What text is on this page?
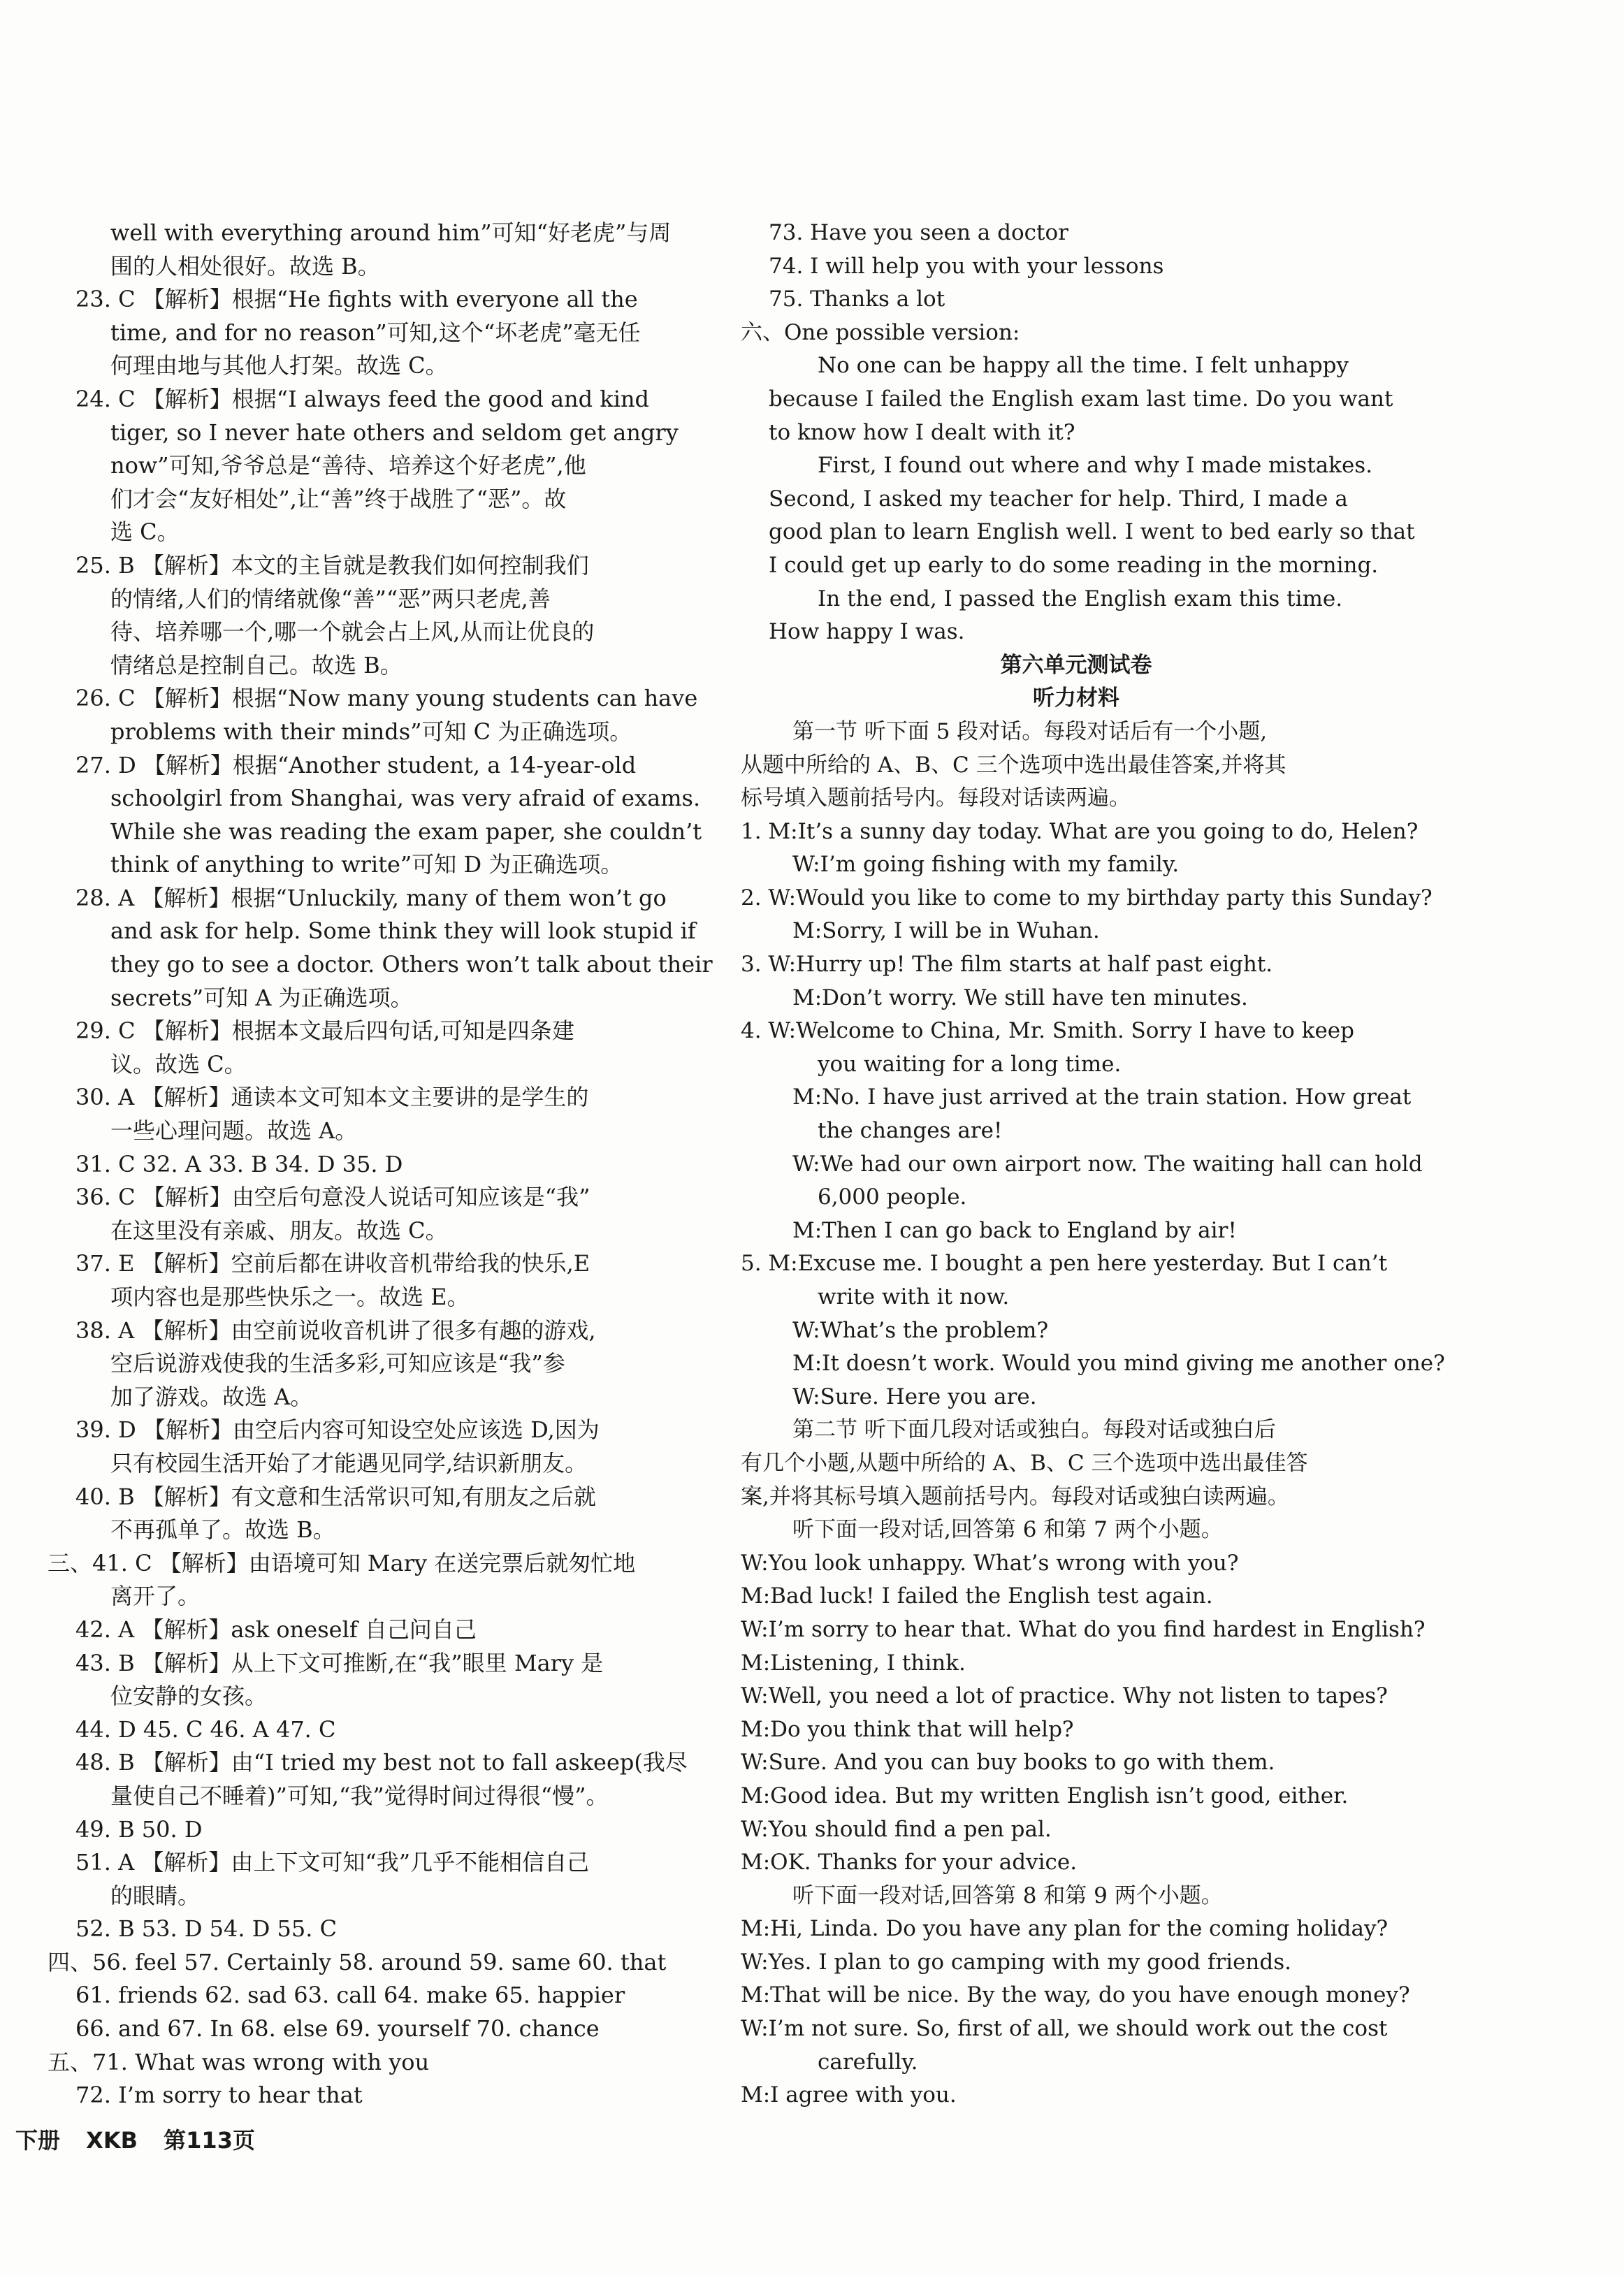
well with everything around him”可知“好老虎”与周
围的人相处很好。故选 B。
23. C 【解析】根据“He fights with everyone all the
time, and for no reason”可知,这个“坏老虎”毫无任
何理由地与其他人打架。故选 C。
24. C 【解析】根据“I always feed the good and kind
tiger, so I never hate others and seldom get angry
now”可知,爷爷总是“善待、培养这个好老虎”,他
们才会“友好相处”,让“善”终于战胜了“恶”。故
选 C。
25. B 【解析】本文的主旨就是教我们如何控制我们
的情绪,人们的情绪就像“善”“恶”两只老虎,善
待、培养哪一个,哪一个就会占上风,从而让优良的
情绪总是控制自己。故选 B。
26. C 【解析】根据“Now many young students can have
problems with their minds”可知 C 为正确选项。
27. D 【解析】根据“Another student, a 14-year-old
schoolgirl from Shanghai, was very afraid of exams.
While she was reading the exam paper, she couldn’t
think of anything to write”可知 D 为正确选项。
28. A 【解析】根据“Unluckily, many of them won’t go
and ask for help. Some think they will look stupid if
they go to see a doctor. Others won’t talk about their
secrets”可知 A 为正确选项。
29. C 【解析】根据本文最后四句话,可知是四条建
议。故选 C。
30. A 【解析】通读本文可知本文主要讲的是学生的
一些心理问题。故选 A。
31. C 32. A 33. B 34. D 35. D
36. C 【解析】由空后句意没人说话可知应该是“我”
在这里没有亲戚、朋友。故选 C。
37. E 【解析】空前后都在讲收音机带给我的快乐,E
项内容也是那些快乐之一。故选 E。
38. A 【解析】由空前说收音机讲了很多有趣的游戏,
空后说游戏使我的生活多彩,可知应该是“我”参
加了游戏。故选 A。
39. D 【解析】由空后内容可知设空处应该选 D,因为
只有校园生活开始了才能遇见同学,结识新朋友。
40. B 【解析】有文意和生活常识可知,有朋友之后就
不再孤单了。故选 B。
三、41. C 【解析】由语境可知 Mary 在送完票后就匆忙地
离开了。
42. A 【解析】ask oneself 自己问自己
43. B 【解析】从上下文可推断,在“我”眼里 Mary 是
位安静的女孩。
44. D 45. C 46. A 47. C
48. B 【解析】由“I tried my best not to fall askeep(我尽
量使自己不睡着)”可知,“我”觉得时间过得很“慢”。
49. B 50. D
51. A 【解析】由上下文可知“我”几乎不能相信自己
的眼睛。
52. B 53. D 54. D 55. C
四、56. feel 57. Certainly 58. around 59. same 60. that
61. friends 62. sad 63. call 64. make 65. happier
66. and 67. In 68. else 69. yourself 70. chance
五、71. What was wrong with you
72. I’m sorry to hear that
73. Have you seen a doctor
74. I will help you with your lessons
75. Thanks a lot
六、One possible version:
No one can be happy all the time. I felt unhappy
because I failed the English exam last time. Do you want
to know how I dealt with it?
First, I found out where and why I made mistakes.
Second, I asked my teacher for help. Third, I made a
good plan to learn English well. I went to bed early so that
I could get up early to do some reading in the morning.
In the end, I passed the English exam this time.
How happy I was.
第六单元测试卷
听力材料
第一节 听下面 5 段对话。每段对话后有一个小题,
从题中所给的 A、B、C 三个选项中选出最佳答案,并将其
标号填入题前括号内。每段对话读两遍。
1. M:It’s a sunny day today. What are you going to do, Helen?
W:I’m going fishing with my family.
2. W:Would you like to come to my birthday party this Sunday?
M:Sorry, I will be in Wuhan.
3. W:Hurry up! The film starts at half past eight.
M:Don’t worry. We still have ten minutes.
4. W:Welcome to China, Mr. Smith. Sorry I have to keep
you waiting for a long time.
M:No. I have just arrived at the train station. How great
the changes are!
W:We had our own airport now. The waiting hall can hold
6,000 people.
M:Then I can go back to England by air!
5. M:Excuse me. I bought a pen here yesterday. But I can’t
write with it now.
W:What’s the problem?
M:It doesn’t work. Would you mind giving me another one?
W:Sure. Here you are.
第二节 听下面几段对话或独白。每段对话或独白后
有几个小题,从题中所给的 A、B、C 三个选项中选出最佳答
案,并将其标号填入题前括号内。每段对话或独白读两遍。
听下面一段对话,回答第 6 和第 7 两个小题。
W:You look unhappy. What’s wrong with you?
M:Bad luck! I failed the English test again.
W:I’m sorry to hear that. What do you find hardest in English?
M:Listening, I think.
W:Well, you need a lot of practice. Why not listen to tapes?
M:Do you think that will help?
W:Sure. And you can buy books to go with them.
M:Good idea. But my written English isn’t good, either.
W:You should find a pen pal.
M:OK. Thanks for your advice.
听下面一段对话,回答第 8 和第 9 两个小题。
M:Hi, Linda. Do you have any plan for the coming holiday?
W:Yes. I plan to go camping with my good friends.
M:That will be nice. By the way, do you have enough money?
W:I’m not sure. So, first of all, we should work out the cost
carefully.
M:I agree with you.
下册 XKB 第113页
